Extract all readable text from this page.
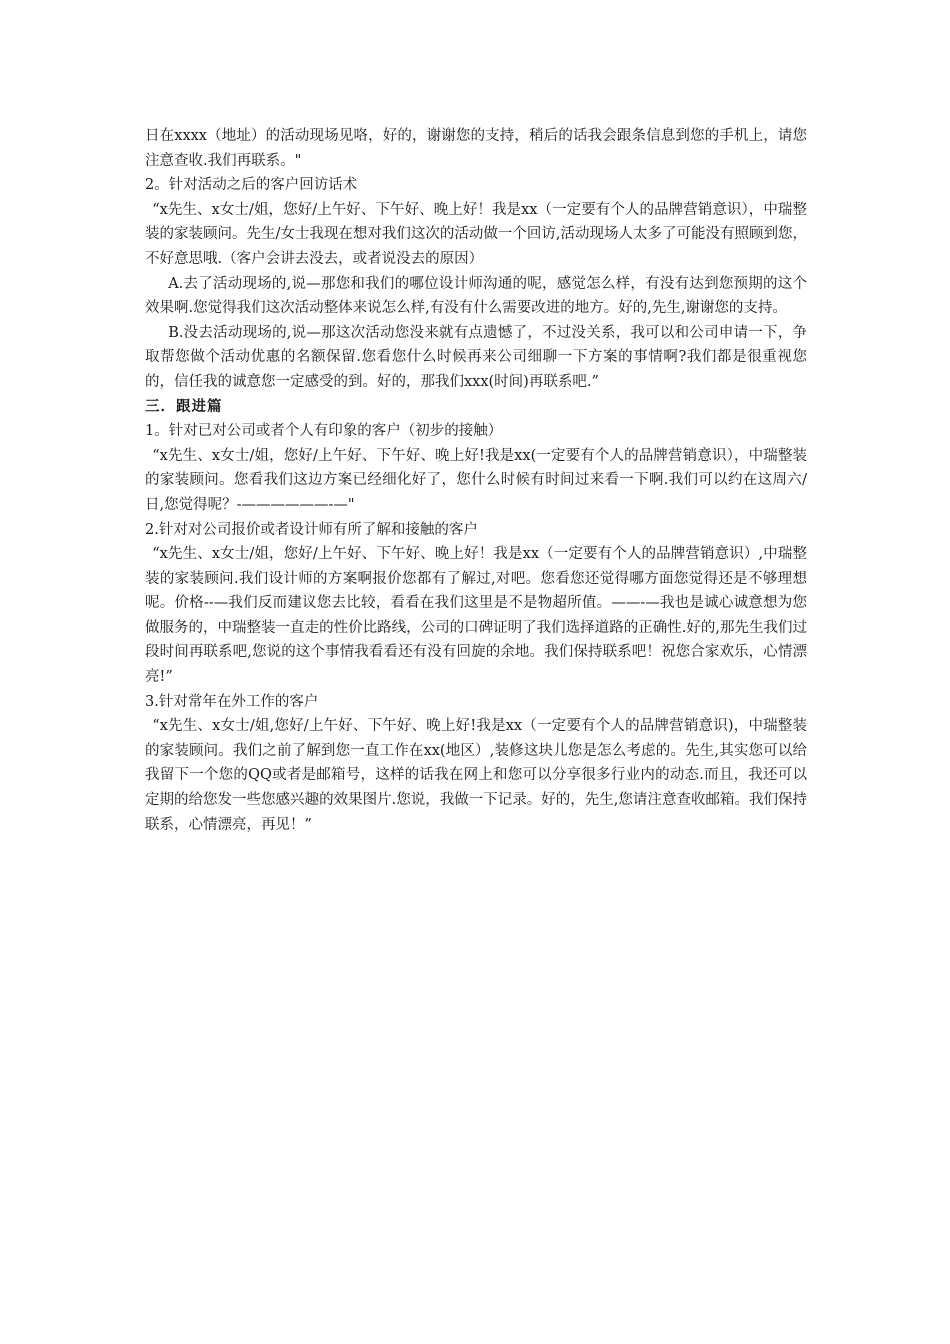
日在xxxx（地址）的活动现场见咯，好的，谢谢您的支持，稍后的话我会跟条信息到您的手机上，请您注意查收.我们再联系。"

2。针对活动之后的客户回访话术

“x先生、x女士/姐，您好/上午好、下午好、晚上好！我是xx（一定要有个人的品牌营销意识），中瑞整装的家装顾问。先生/女士我现在想对我们这次的活动做一个回访,活动现场人太多了可能没有照顾到您，不好意思哦.（客户会讲去没去，或者说没去的原因）

A.去了活动现场的,说—那您和我们的哪位设计师沟通的呢，感觉怎么样，有没有达到您预期的这个效果啊.您觉得我们这次活动整体来说怎么样,有没有什么需要改进的地方。好的,先生,谢谢您的支持。

B.没去活动现场的,说—那这次活动您没来就有点遗憾了，不过没关系，我可以和公司申请一下，争取帮您做个活动优惠的名额保留.您看您什么时候再来公司细聊一下方案的事情啊?我们都是很重视您的，信任我的诚意您一定感受的到。好的，那我们xxx(时间)再联系吧.”

三．跟进篇

1。针对已对公司或者个人有印象的客户（初步的接触）

“x先生、x女士/姐，您好/上午好、下午好、晚上好!我是xx(一定要有个人的品牌营销意识），中瑞整装的家装顾问。您看我们这边方案已经细化好了，您什么时候有时间过来看一下啊.我们可以约在这周六/日,您觉得呢？-——————-—"

2.针对对公司报价或者设计师有所了解和接触的客户

“x先生、x女士/姐，您好/上午好、下午好、晚上好！我是xx（一定要有个人的品牌营销意识）,中瑞整装的家装顾问.我们设计师的方案啊报价您都有了解过,对吧。您看您还觉得哪方面您觉得还是不够理想呢。价格--—我们反而建议您去比较，看看在我们这里是不是物超所值。——-—我也是诚心诚意想为您做服务的，中瑞整装一直走的性价比路线，公司的口碑证明了我们选择道路的正确性.好的,那先生我们过段时间再联系吧,您说的这个事情我看看还有没有回旋的余地。我们保持联系吧！祝您合家欢乐，心情漂亮!”

3.针对常年在外工作的客户

“x先生、x女士/姐,您好/上午好、下午好、晚上好!我是xx（一定要有个人的品牌营销意识)，中瑞整装的家装顾问。我们之前了解到您一直工作在xx(地区）,装修这块儿您是怎么考虑的。先生,其实您可以给我留下一个您的QQ或者是邮箱号，这样的话我在网上和您可以分享很多行业内的动态.而且，我还可以定期的给您发一些您感兴趣的效果图片.您说，我做一下记录。好的，先生,您请注意查收邮箱。我们保持联系，心情漂亮，再见！”
